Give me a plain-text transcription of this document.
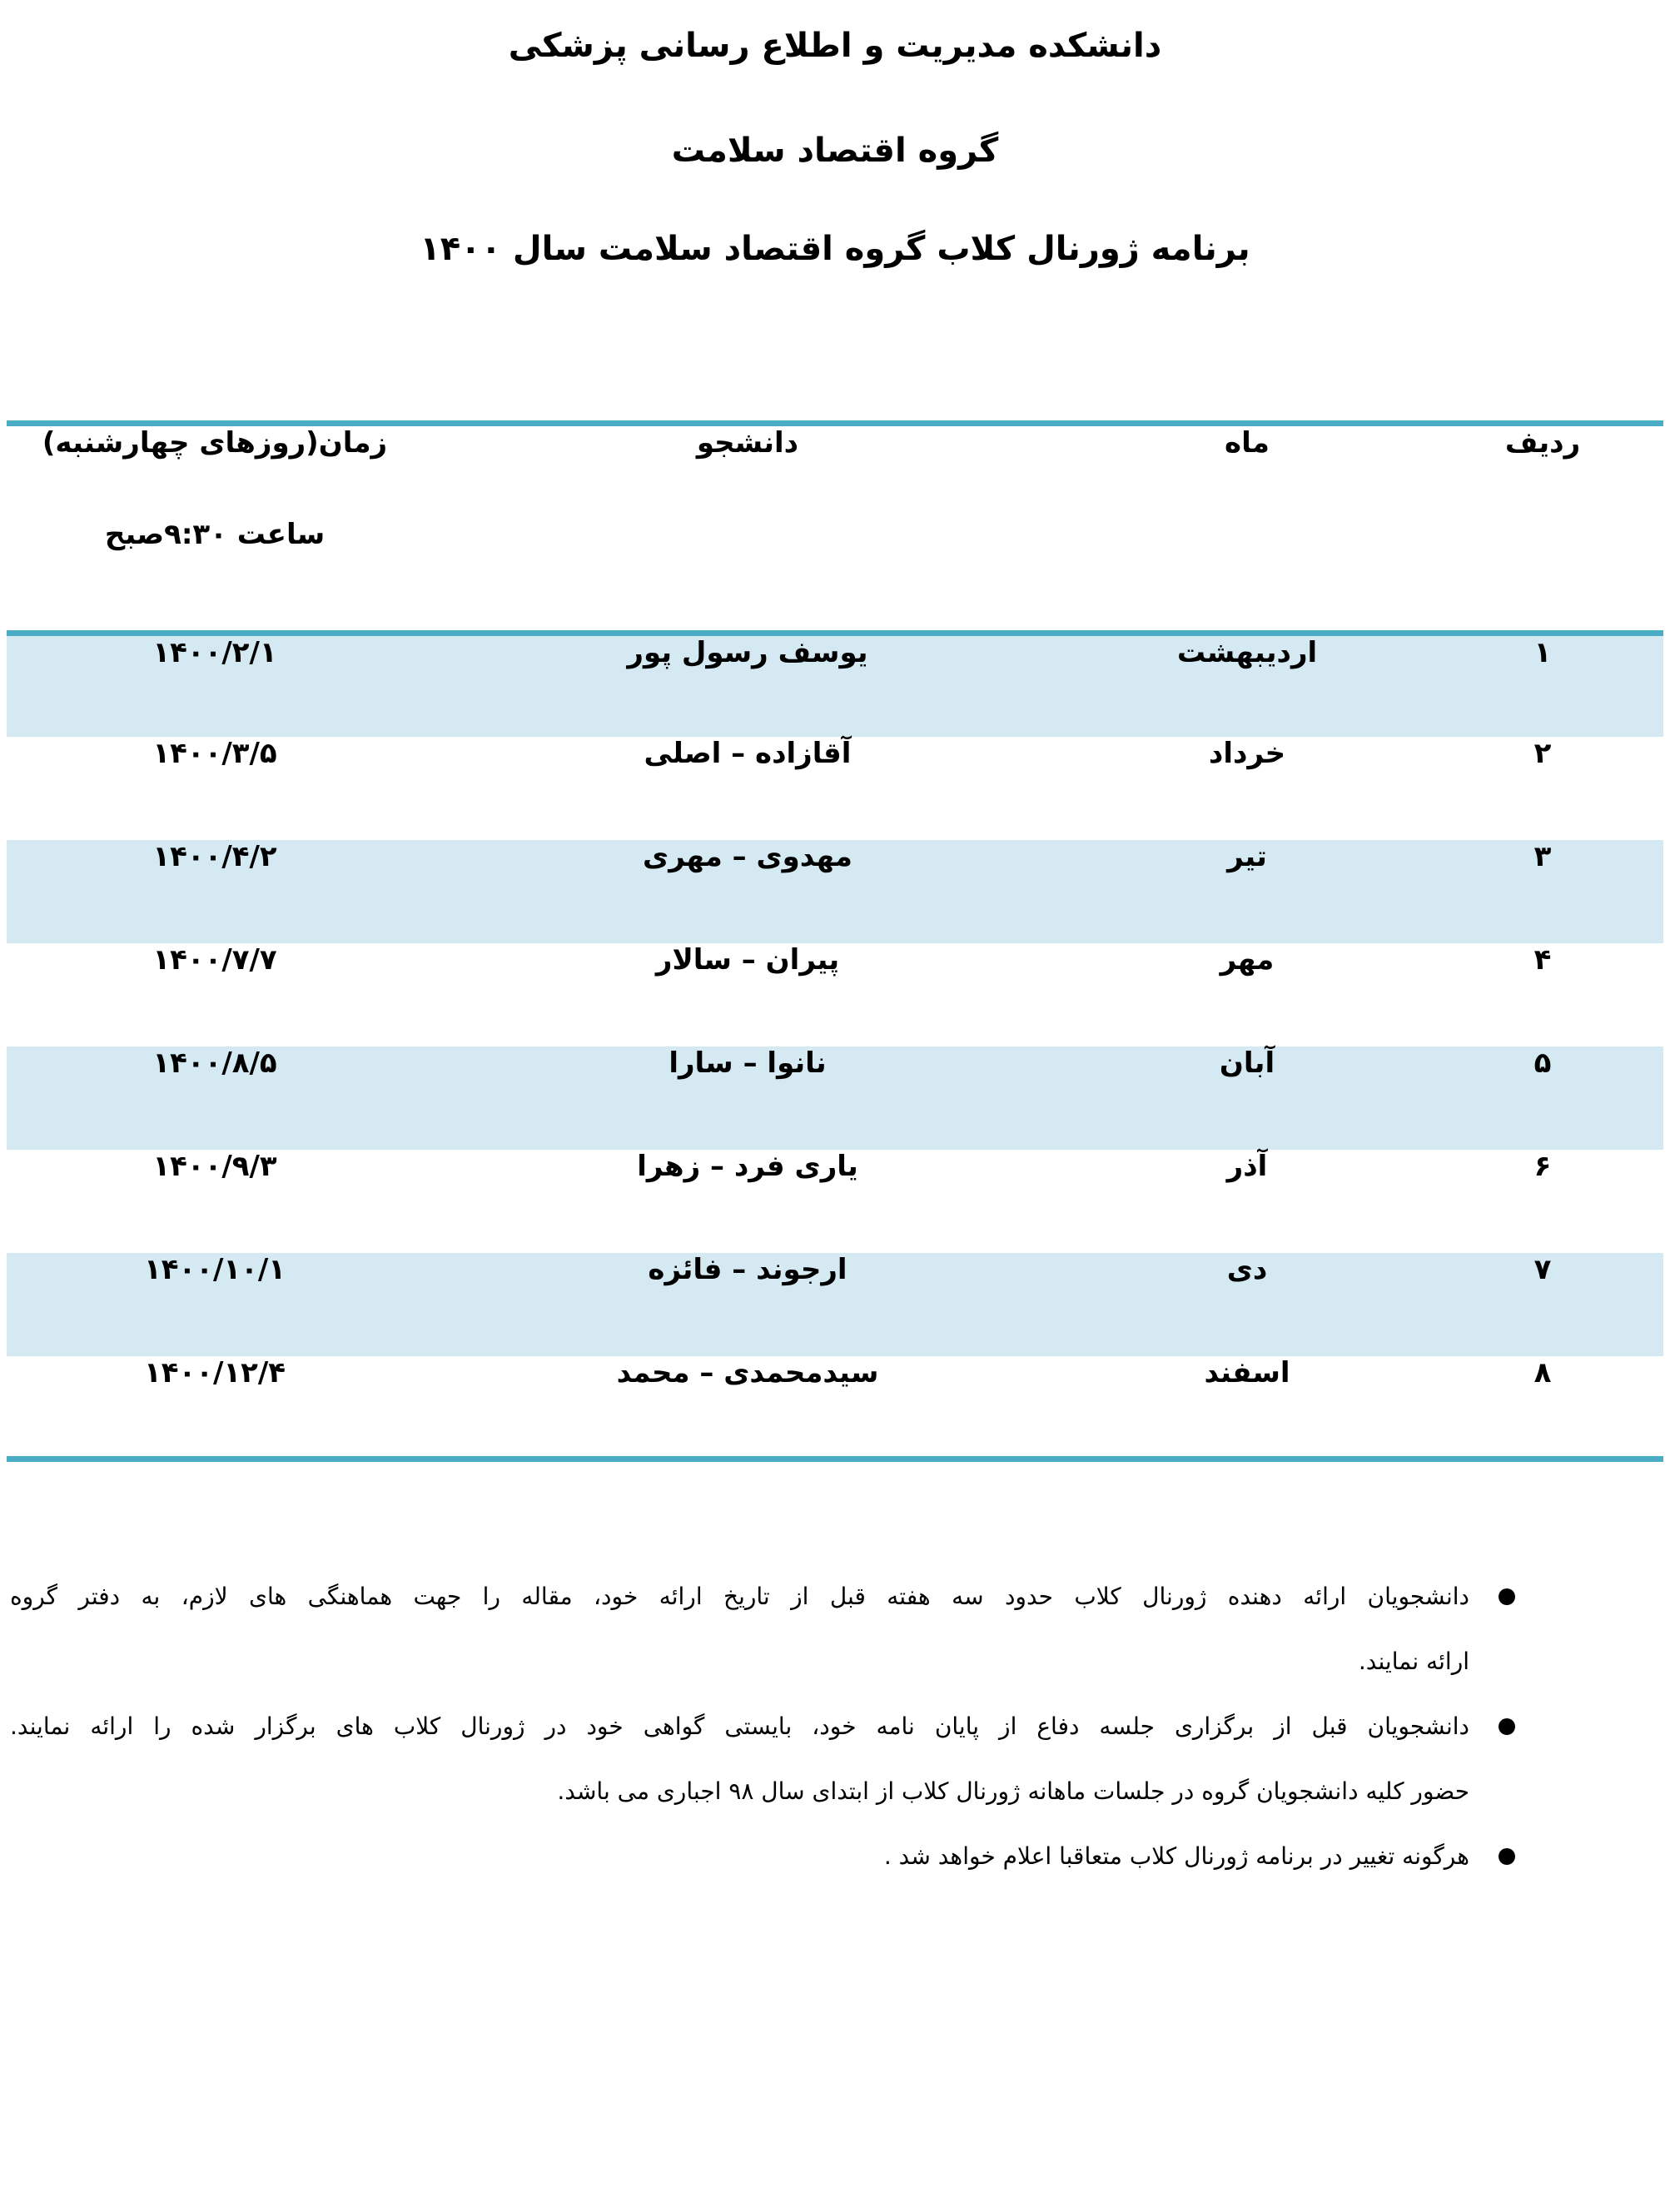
دانشکده مدیریت و اطلاع رسانی پزشکی
گروه اقتصاد سلامت
برنامه ژورنال کلاب گروه اقتصاد سلامت سال ۱۴۰۰
ردیف	ماه	دانشجو	زمان(روزهای چهارشنبه)
ساعت ۹:۳۰صبح

۱	اردیبهشت	یوسف رسول پور	۱۴۰۰/۲/۱
۲	خرداد	آقازاده – اصلی	۱۴۰۰/۳/۵
۳	تیر	مهدوی – مهری	۱۴۰۰/۴/۲
۴	مهر	پیران – سالار	۱۴۰۰/۷/۷
۵	آبان	نانوا – سارا	۱۴۰۰/۸/۵
۶	آذر	یاری فرد – زهرا	۱۴۰۰/۹/۳
۷	دی	ارجوند – فائزه	۱۴۰۰/۱۰/۱
۸	اسفند	سیدمحمدی – محمد	۱۴۰۰/۱۲/۴
دانشجویان ارائه دهنده ژورنال کلاب حدود سه هفته قبل از تاریخ ارائه خود، مقاله را جهت هماهنگی های لازم، به دفتر گروه
ارائه نمایند.
دانشجویان قبل از برگزاری جلسه دفاع از پایان نامه خود، بایستی گواهی خود در ژورنال کلاب های برگزار شده را ارائه نمایند.
حضور کلیه دانشجویان گروه در جلسات ماهانه ژورنال کلاب از ابتدای سال ۹۸ اجباری می باشد.
هرگونه تغییر در برنامه ژورنال کلاب متعاقبا اعلام خواهد شد .
